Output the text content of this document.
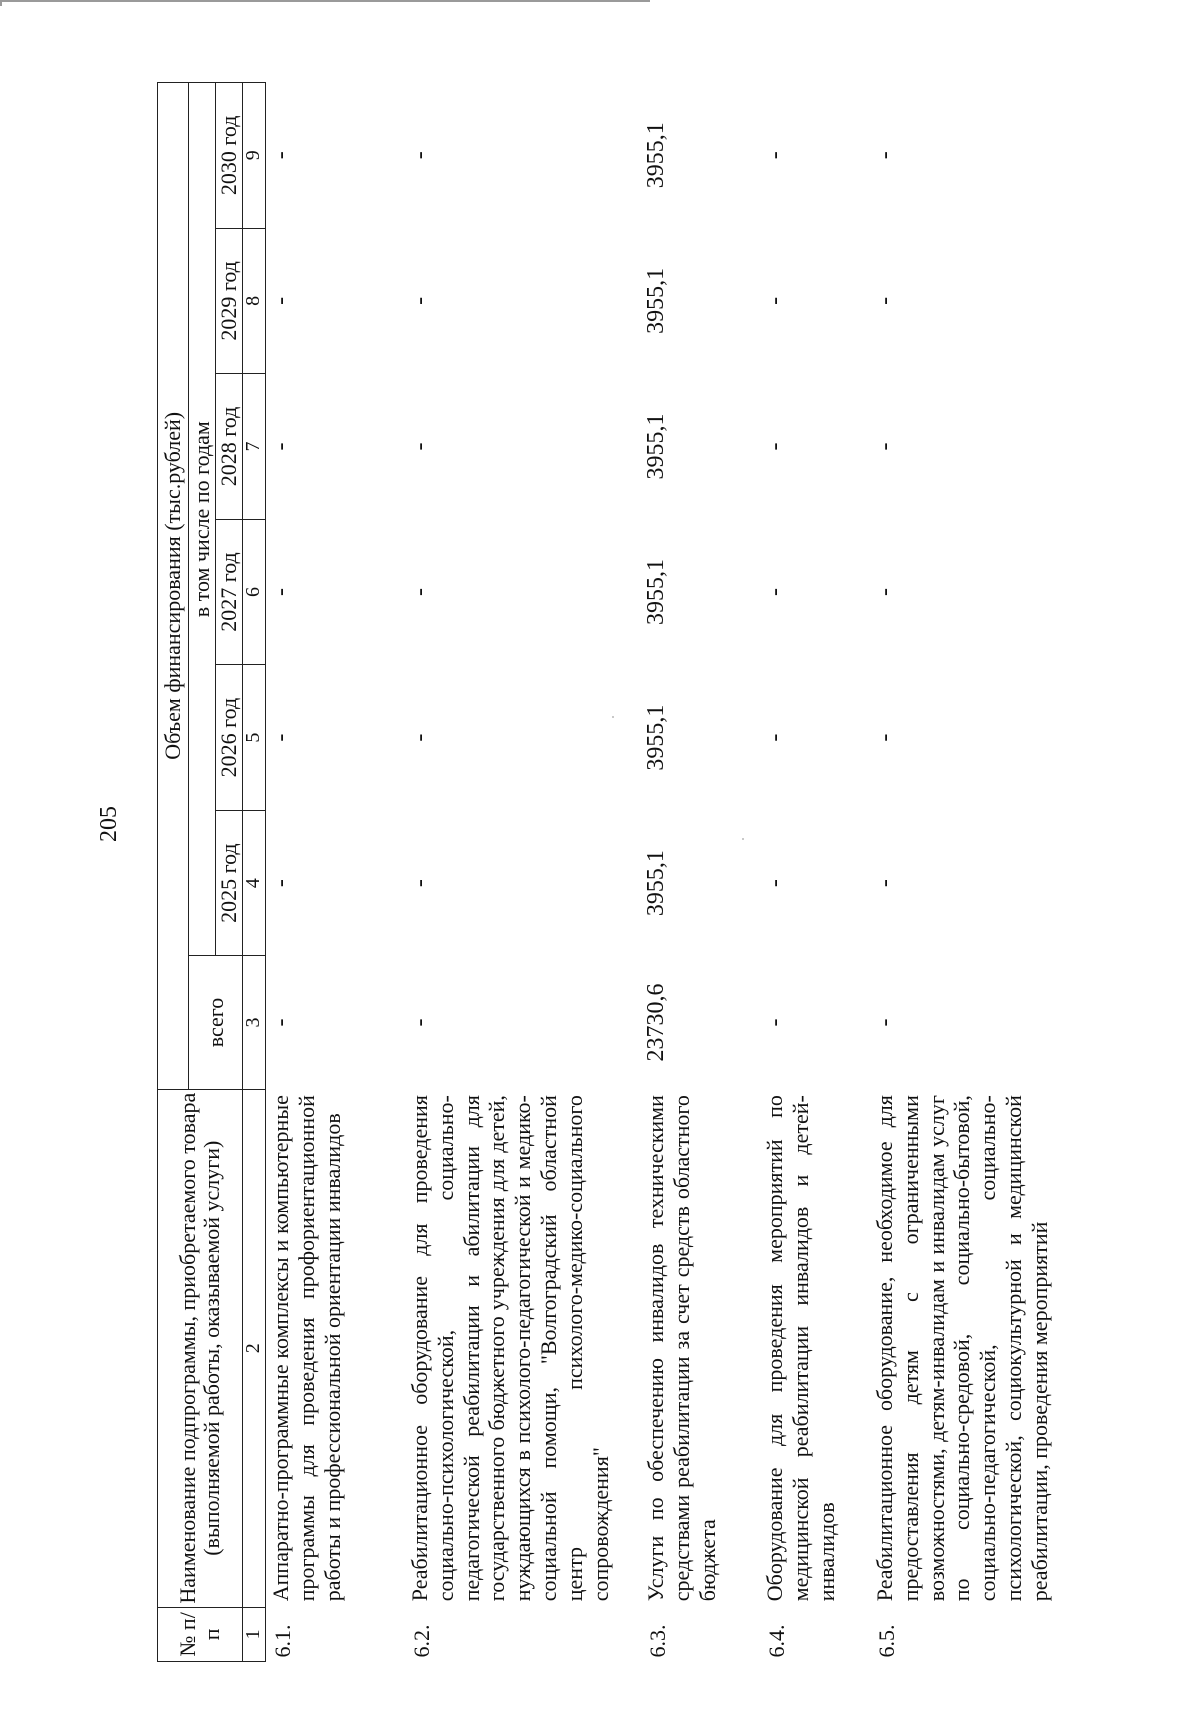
205
№ п/п	Наименование подпрограммы, приобретаемого товара (выполняемой работы, оказываемой услуги)	Объем финансирования (тыс.рублей)						
		всего	в том числе по годам					
			2025 год	2026 год	2027 год	2028 год	2029 год	2030 год
1	2	3	4	5	6	7	8	9
6.1.	Аппаратно-программные комплексы и компьютерные программы для проведения профориентационной работы и профессиональной ориентации инвалидов	-	-	-	-	-	-	-
6.2.	Реабилитационное оборудование для проведения социально-психологической, социально-педагогической реабилитации и абилитации для государственного бюджетного учреждения для детей, нуждающихся в психолого-педагогической и медико-социальной помощи, "Волгоградский областной центр психолого-медико-социального сопровождения"	-	-	-	-	-	-	-
6.3.	Услуги по обеспечению инвалидов техническими средствами реабилитации за счет средств областного бюджета	23730,6	3955,1	3955,1	3955,1	3955,1	3955,1	3955,1
6.4.	Оборудование для проведения мероприятий по медицинской реабилитации инвалидов и детей-инвалидов	-	-	-	-	-	-	-
6.5.	Реабилитационное оборудование, необходимое для предоставления детям с ограниченными возможностями, детям-инвалидам и инвалидам услуг по социально-средовой, социально-бытовой, социально-педагогической, социально-психологической, социокультурной и медицинской реабилитации, проведения мероприятий	-	-	-	-	-	-	-
